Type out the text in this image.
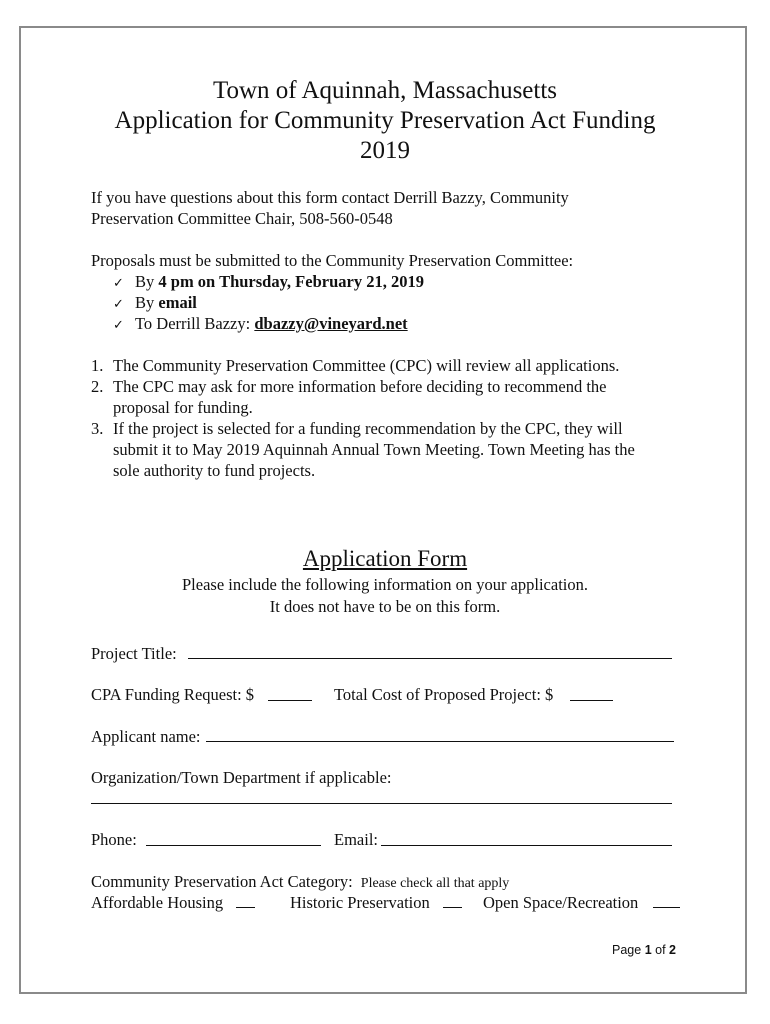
Town of Aquinnah, Massachusetts
Application for Community Preservation Act Funding
2019
If you have questions about this form contact Derrill Bazzy, Community
Preservation Committee Chair, 508-560-0548
Proposals must be submitted to the Community Preservation Committee:
✓ By 4 pm on Thursday, February 21, 2019
✓ By email
✓ To Derrill Bazzy: dbazzy@vineyard.net
1. The Community Preservation Committee (CPC) will review all applications.
2. The CPC may ask for more information before deciding to recommend the
proposal for funding.
3. If the project is selected for a funding recommendation by the CPC, they will
submit it to May 2019 Aquinnah Annual Town Meeting. Town Meeting has the
sole authority to fund projects.
Application Form
Please include the following information on your application.
It does not have to be on this form.
Project Title:
CPA Funding Request: $	Total Cost of Proposed Project: $
Applicant name:
Organization/Town Department if applicable:
Phone:	Email:
Community Preservation Act Category: Please check all that apply
Affordable Housing	Historic Preservation	Open Space/Recreation
Page 1 of 2
